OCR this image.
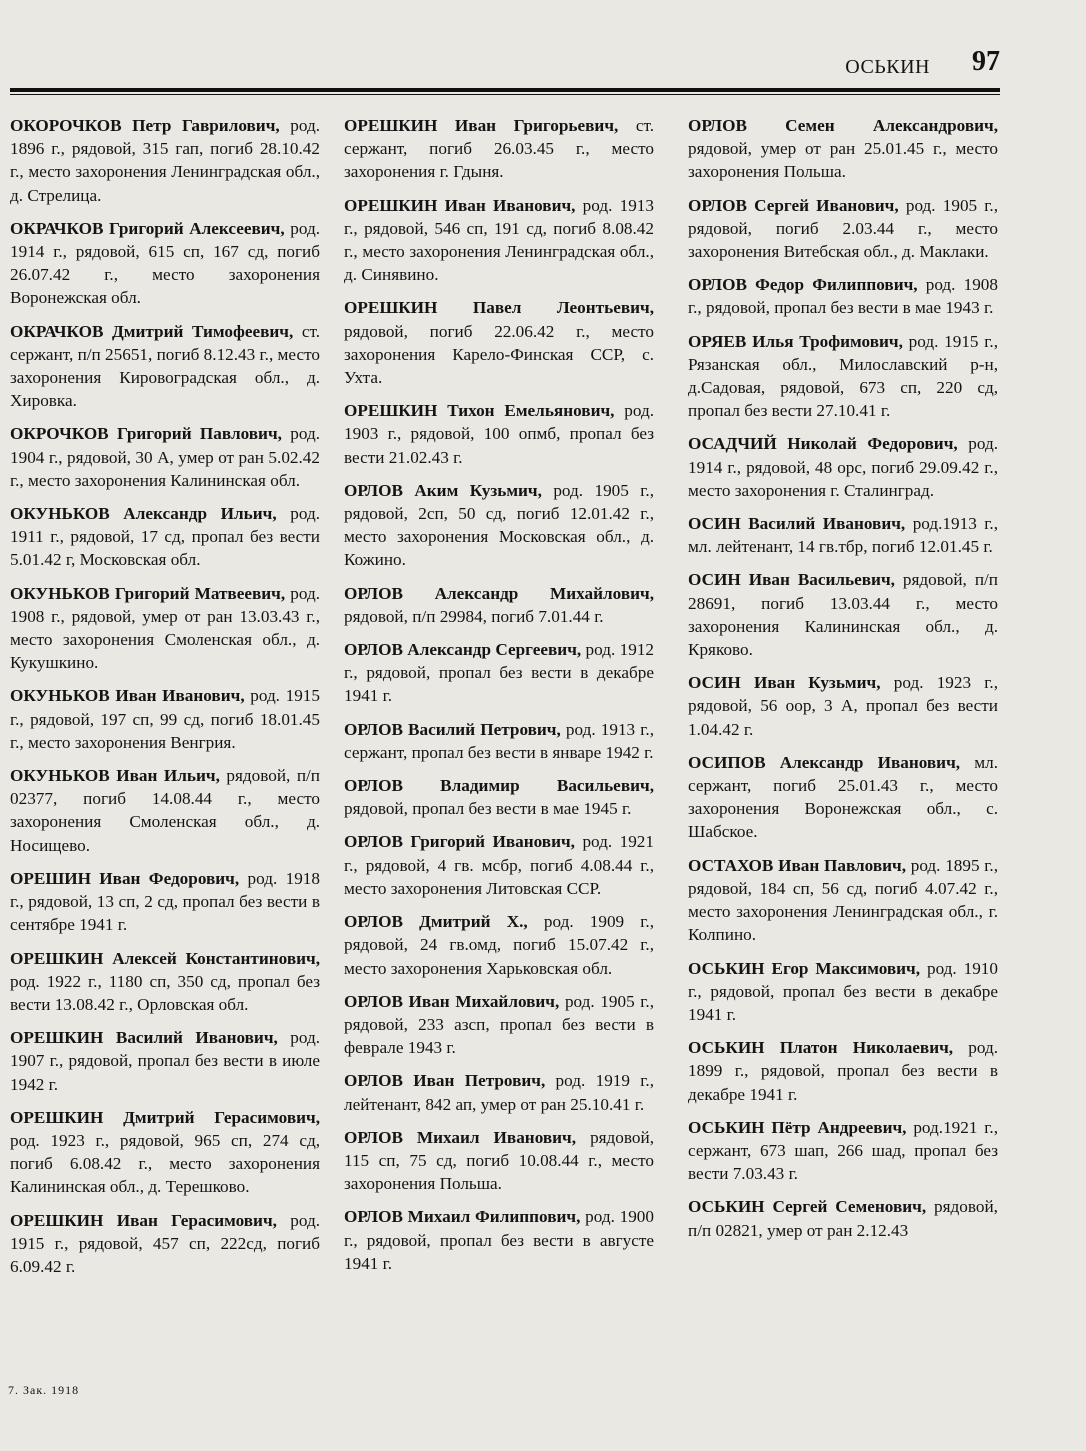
ОСЬКИН 97

ОКОРОЧКОВ Петр Гаврилович, род. 1896 г., рядовой, 315 гап, погиб 28.10.42 г., место захоронения Ленинградская обл., д. Стрелица.

ОКРАЧКОВ Григорий Алексеевич, род. 1914 г., рядовой, 615 сп, 167 сд, погиб 26.07.42 г., место захоронения Воронежская обл.

ОКРАЧКОВ Дмитрий Тимофеевич, ст. сержант, п/п 25651, погиб 8.12.43 г., место захоронения Кировоградская обл., д. Хировка.

ОКРОЧКОВ Григорий Павлович, род. 1904 г., рядовой, 30 А, умер от ран 5.02.42 г., место захоронения Калининская обл.

ОКУНЬКОВ Александр Ильич, род. 1911 г., рядовой, 17 сд, пропал без вести 5.01.42 г, Московская обл.

ОКУНЬКОВ Григорий Матвеевич, род. 1908 г., рядовой, умер от ран 13.03.43 г., место захоронения Смоленская обл., д. Кукушкино.

ОКУНЬКОВ Иван Иванович, род. 1915 г., рядовой, 197 сп, 99 сд, погиб 18.01.45 г., место захоронения Венгрия.

ОКУНЬКОВ Иван Ильич, рядовой, п/п 02377, погиб 14.08.44 г., место захоронения Смоленская обл., д. Носищево.

ОРЕШИН Иван Федорович, род. 1918 г., рядовой, 13 сп, 2 сд, пропал без вести в сентябре 1941 г.

ОРЕШКИН Алексей Константинович, род. 1922 г., 1180 сп, 350 сд, пропал без вести 13.08.42 г., Орловская обл.

ОРЕШКИН Василий Иванович, род. 1907 г., рядовой, пропал без вести в июле 1942 г.

ОРЕШКИН Дмитрий Герасимович, род. 1923 г., рядовой, 965 сп, 274 сд, погиб 6.08.42 г., место захоронения Калининская обл., д. Терешково.

ОРЕШКИН Иван Герасимович, род. 1915 г., рядовой, 457 сп, 222сд, погиб 6.09.42 г.

ОРЕШКИН Иван Григорьевич, ст. сержант, погиб 26.03.45 г., место захоронения г. Гдыня.

ОРЕШКИН Иван Иванович, род. 1913 г., рядовой, 546 сп, 191 сд, погиб 8.08.42 г., место захоронения Ленинградская обл., д. Синявино.

ОРЕШКИН Павел Леонтьевич, рядовой, погиб 22.06.42 г., место захоронения Карело-Финская ССР, с. Ухта.

ОРЕШКИН Тихон Емельянович, род. 1903 г., рядовой, 100 опмб, пропал без вести 21.02.43 г.

ОРЛОВ Аким Кузьмич, род. 1905 г., рядовой, 2сп, 50 сд, погиб 12.01.42 г., место захоронения Московская обл., д. Кожино.

ОРЛОВ Александр Михайлович, рядовой, п/п 29984, погиб 7.01.44 г.

ОРЛОВ Александр Сергеевич, род. 1912 г., рядовой, пропал без вести в декабре 1941 г.

ОРЛОВ Василий Петрович, род. 1913 г., сержант, пропал без вести в январе 1942 г.

ОРЛОВ Владимир Васильевич, рядовой, пропал без вести в мае 1945 г.

ОРЛОВ Григорий Иванович, род. 1921 г., рядовой, 4 гв. мсбр, погиб 4.08.44 г., место захоронения Литовская ССР.

ОРЛОВ Дмитрий Х., род. 1909 г., рядовой, 24 гв.омд, погиб 15.07.42 г., место захоронения Харьковская обл.

ОРЛОВ Иван Михайлович, род. 1905 г., рядовой, 233 азсп, пропал без вести в феврале 1943 г.

ОРЛОВ Иван Петрович, род. 1919 г., лейтенант, 842 ап, умер от ран 25.10.41 г.

ОРЛОВ Михаил Иванович, рядовой, 115 сп, 75 сд, погиб 10.08.44 г., место захоронения Польша.

ОРЛОВ Михаил Филиппович, род. 1900 г., рядовой, пропал без вести в августе 1941 г.

ОРЛОВ Семен Александрович, рядовой, умер от ран 25.01.45 г., место захоронения Польша.

ОРЛОВ Сергей Иванович, род. 1905 г., рядовой, погиб 2.03.44 г., место захоронения Витебская обл., д. Маклаки.

ОРЛОВ Федор Филиппович, род. 1908 г., рядовой, пропал без вести в мае 1943 г.

ОРЯЕВ Илья Трофимович, род. 1915 г., Рязанская обл., Милославский р-н, д.Садовая, рядовой, 673 сп, 220 сд, пропал без вести 27.10.41 г.

ОСАДЧИЙ Николай Федорович, род. 1914 г., рядовой, 48 орс, погиб 29.09.42 г., место захоронения г. Сталинград.

ОСИН Василий Иванович, род.1913 г., мл. лейтенант, 14 гв.тбр, погиб 12.01.45 г.

ОСИН Иван Васильевич, рядовой, п/п 28691, погиб 13.03.44 г., место захоронения Калининская обл., д. Кряково.

ОСИН Иван Кузьмич, род. 1923 г., рядовой, 56 оор, 3 А, пропал без вести 1.04.42 г.

ОСИПОВ Александр Иванович, мл. сержант, погиб 25.01.43 г., место захоронения Воронежская обл., с. Шабское.

ОСТАХОВ Иван Павлович, род. 1895 г., рядовой, 184 сп, 56 сд, погиб 4.07.42 г., место захоронения Ленинградская обл., г. Колпино.

ОСЬКИН Егор Максимович, род. 1910 г., рядовой, пропал без вести в декабре 1941 г.

ОСЬКИН Платон Николаевич, род. 1899 г., рядовой, пропал без вести в декабре 1941 г.

ОСЬКИН Пётр Андреевич, род.1921 г., сержант, 673 шап, 266 шад, пропал без вести 7.03.43 г.

ОСЬКИН Сергей Семенович, рядовой, п/п 02821, умер от ран 2.12.43

7. Зак. 1918
